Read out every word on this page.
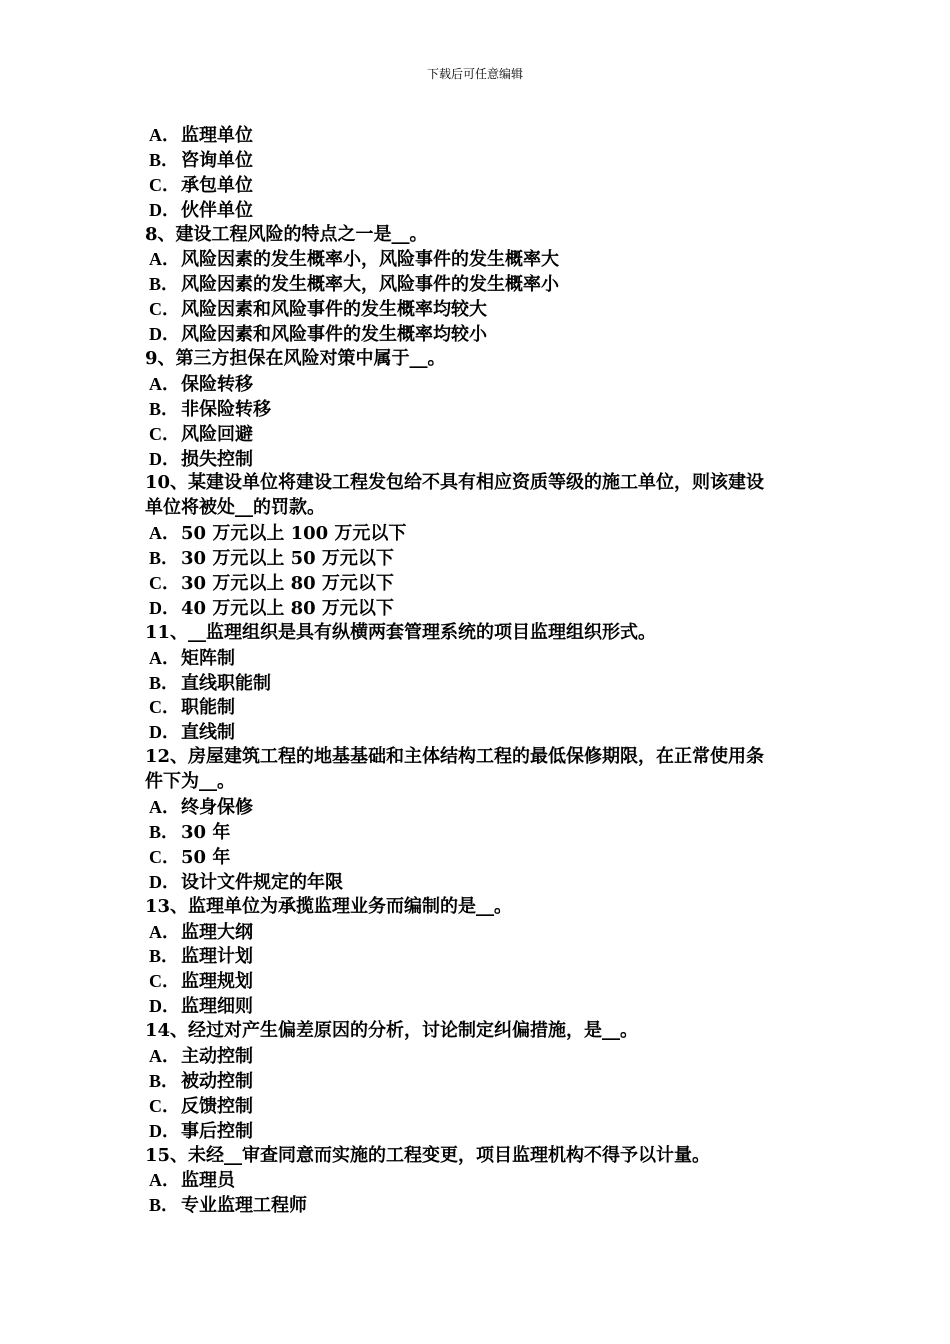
下载后可任意编辑
A．监理单位
B． 咨询单位
C．承包单位
D．伙伴单位
8、建设工程风险的特点之一是__。
A．风险因素的发生概率小，风险事件的发生概率大
B． 风险因素的发生概率大，风险事件的发生概率小
C．风险因素和风险事件的发生概率均较大
D．风险因素和风险事件的发生概率均较小
9、第三方担保在风险对策中属于__。
A．保险转移
B． 非保险转移
C．风险回避
D．损失控制
10、某建设单位将建设工程发包给不具有相应资质等级的施工单位，则该建设
单位将被处__的罚款。
A．50 万元以上 100 万元以下
B． 30 万元以上 50 万元以下
C．30 万元以上 80 万元以下
D．40 万元以上 80 万元以下
11、__监理组织是具有纵横两套管理系统的项目监理组织形式。
A．矩阵制
B． 直线职能制
C．职能制
D．直线制
12、房屋建筑工程的地基基础和主体结构工程的最低保修期限，在正常使用条
件下为__。
A．终身保修
B． 30 年
C．50 年
D．设计文件规定的年限
13、监理单位为承揽监理业务而编制的是__。
A．监理大纲
B． 监理计划
C．监理规划
D．监理细则
14、经过对产生偏差原因的分析，讨论制定纠偏措施，是__。
A．主动控制
B． 被动控制
C．反馈控制
D．事后控制
15、未经__审查同意而实施的工程变更，项目监理机构不得予以计量。
A．监理员
B． 专业监理工程师
